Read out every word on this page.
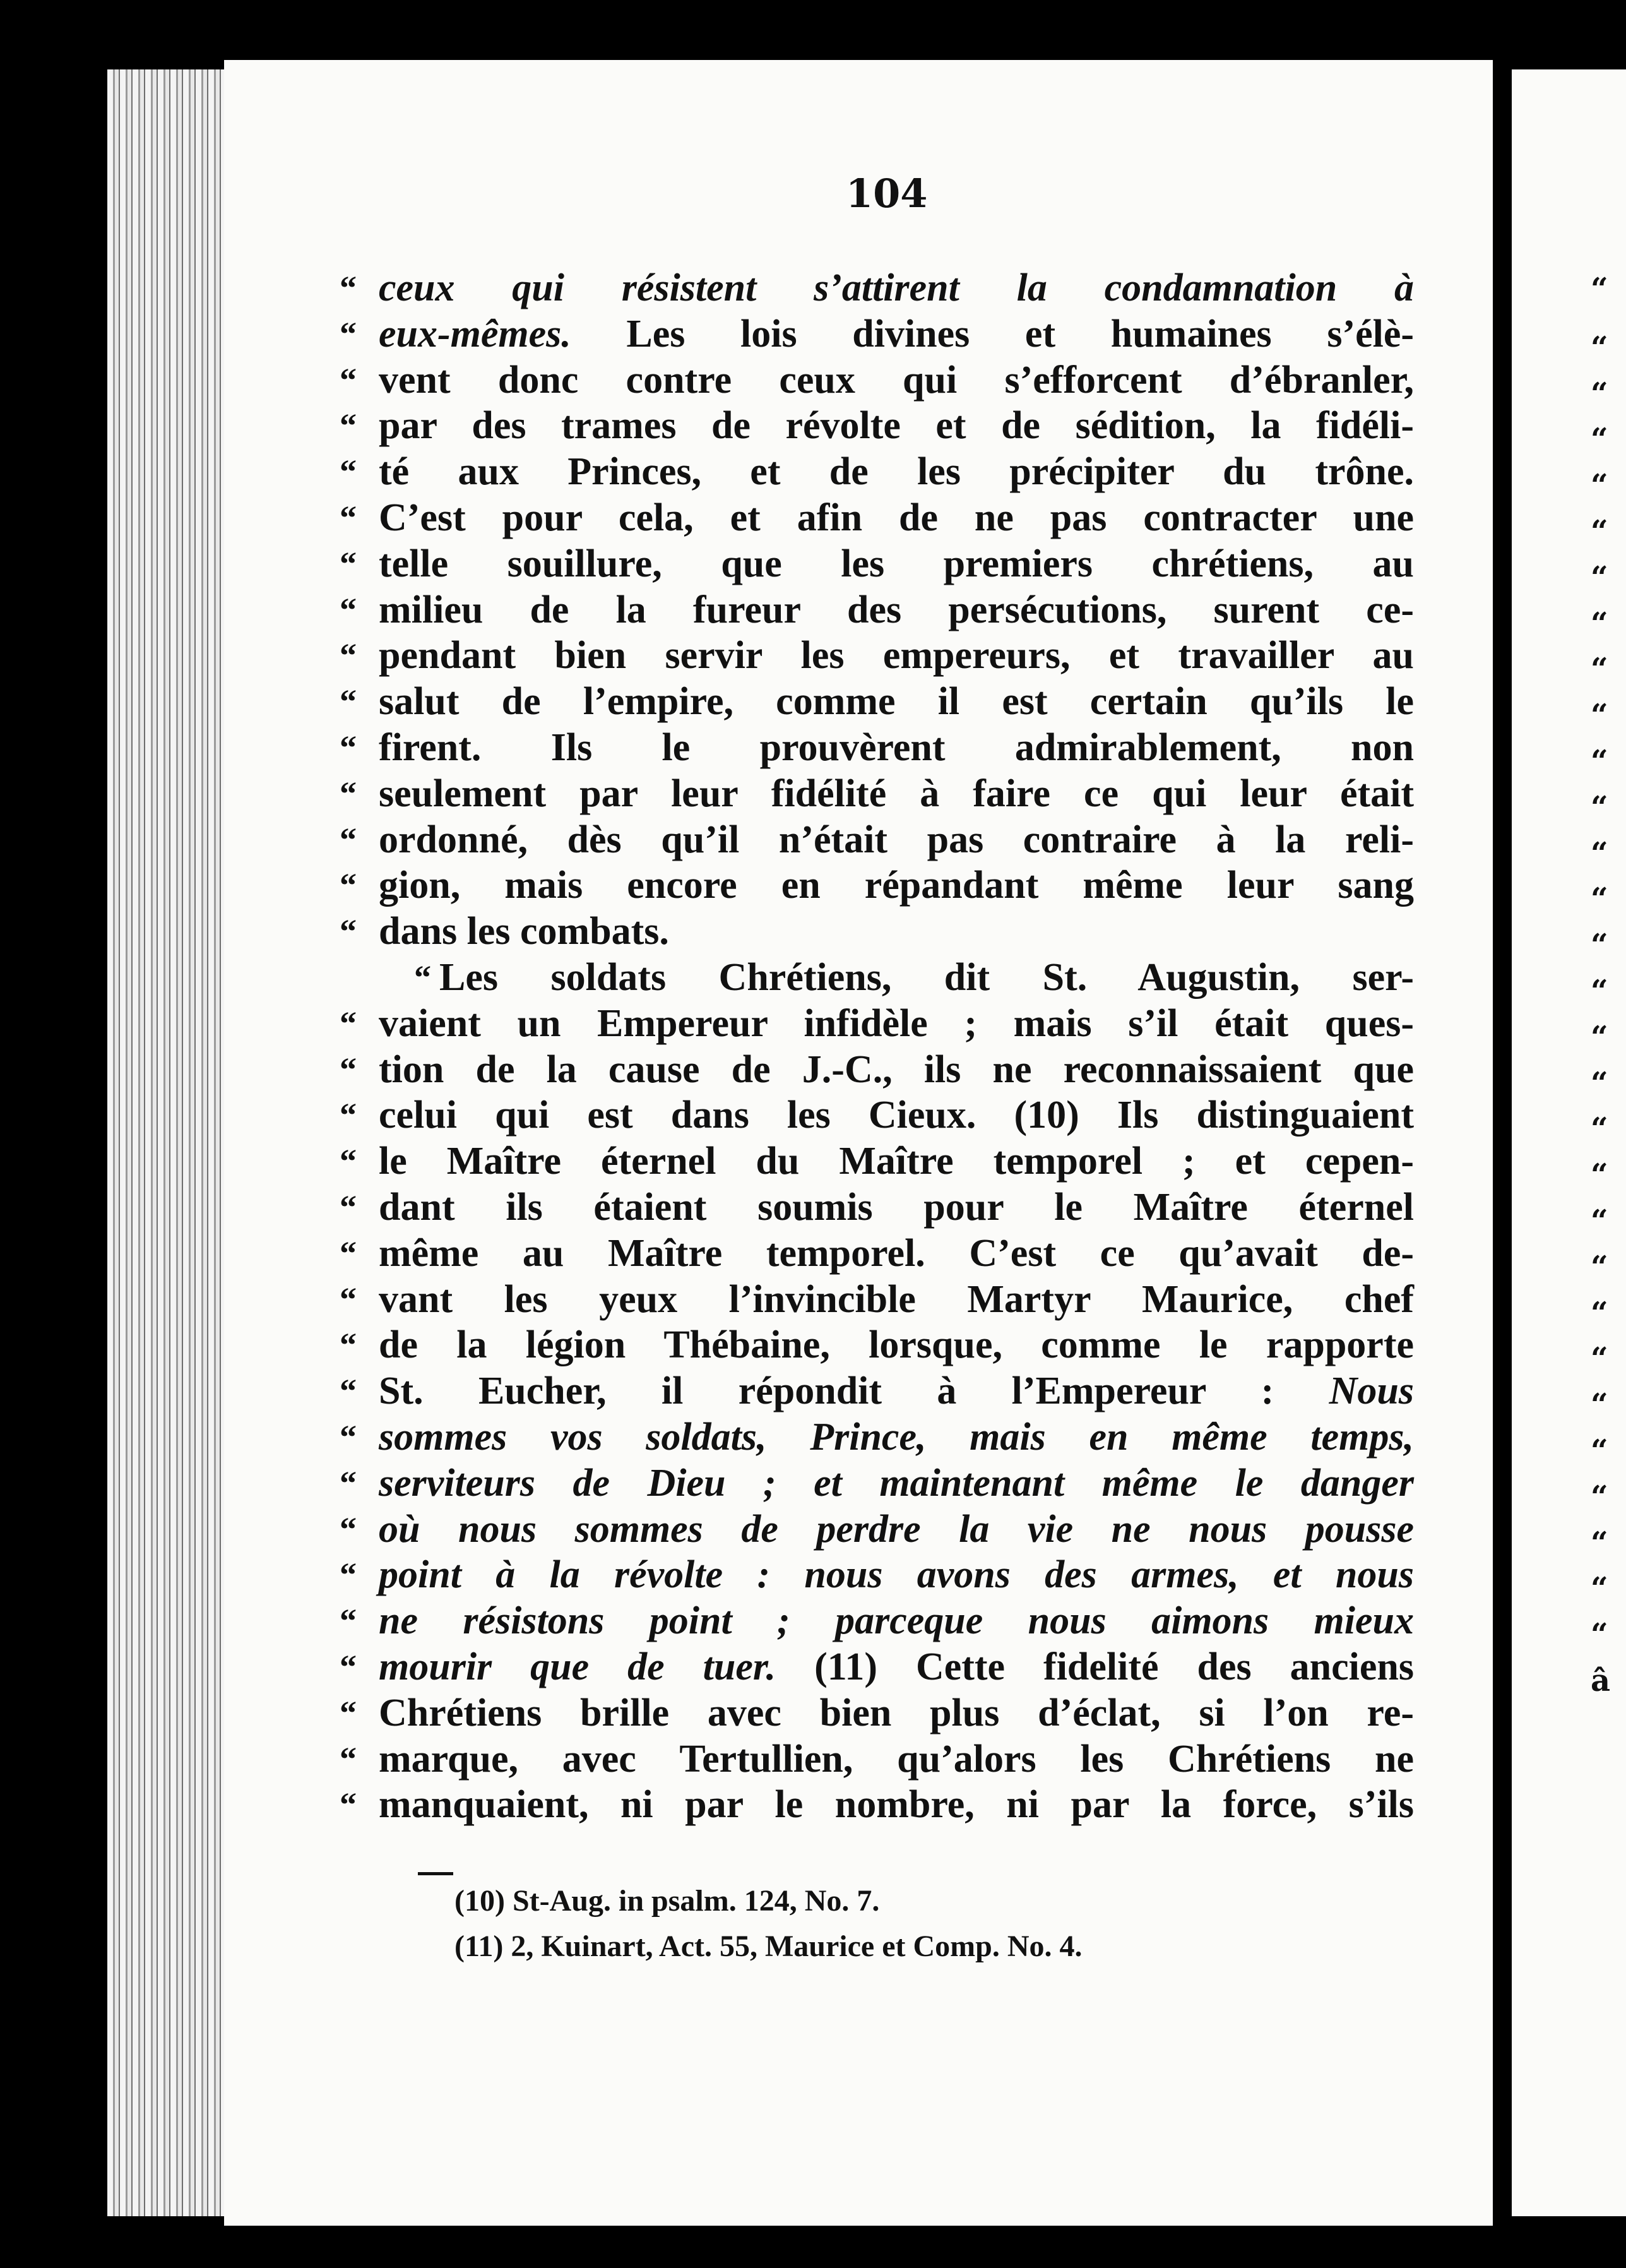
104
“ ceux qui résistent s’attirent la condamnation à
“ eux-mêmes. Les lois divines et humaines s’élè-
“ vent donc contre ceux qui s’efforcent d’ébranler,
“ par des trames de révolte et de sédition, la fidéli-
“ té aux Princes, et de les précipiter du trône.
“ C’est pour cela, et afin de ne pas contracter une
“ telle souillure, que les premiers chrétiens, au
“ milieu de la fureur des persécutions, surent ce-
“ pendant bien servir les empereurs, et travailler au
“ salut de l’empire, comme il est certain qu’ils le
“ firent. Ils le prouvèrent admirablement, non
“ seulement par leur fidélité à faire ce qui leur était
“ ordonné, dès qu’il n’était pas contraire à la reli-
“ gion, mais encore en répandant même leur sang
“ dans les combats.
“ Les soldats Chrétiens, dit St. Augustin, ser-
“ vaient un Empereur infidèle ; mais s’il était ques-
“ tion de la cause de J.-C., ils ne reconnaissaient que
“ celui qui est dans les Cieux. (10) Ils distinguaient
“ le Maître éternel du Maître temporel ; et cepen-
“ dant ils étaient soumis pour le Maître éternel
“ même au Maître temporel. C’est ce qu’avait de-
“ vant les yeux l’invincible Martyr Maurice, chef
“ de la légion Thébaine, lorsque, comme le rapporte
“ St. Eucher, il répondit à l’Empereur : Nous
“ sommes vos soldats, Prince, mais en même temps,
“ serviteurs de Dieu ; et maintenant même le danger
“ où nous sommes de perdre la vie ne nous pousse
“ point à la révolte : nous avons des armes, et nous
“ ne résistons point ; parceque nous aimons mieux
“ mourir que de tuer. (11) Cette fidelité des anciens
“ Chrétiens brille avec bien plus d’éclat, si l’on re-
“ marque, avec Tertullien, qu’alors les Chrétiens ne
“ manquaient, ni par le nombre, ni par la force, s’ils
(10) St-Aug. in psalm. 124, No. 7.
(11) 2, Kuinart, Act. 55, Maurice et Comp. No. 4.
“
“
“
“
“
“
“
“
“
“
“
“
“
“
“
“
“
“
“
“
“
“
“
“
“
“
“
“
“
“
â
